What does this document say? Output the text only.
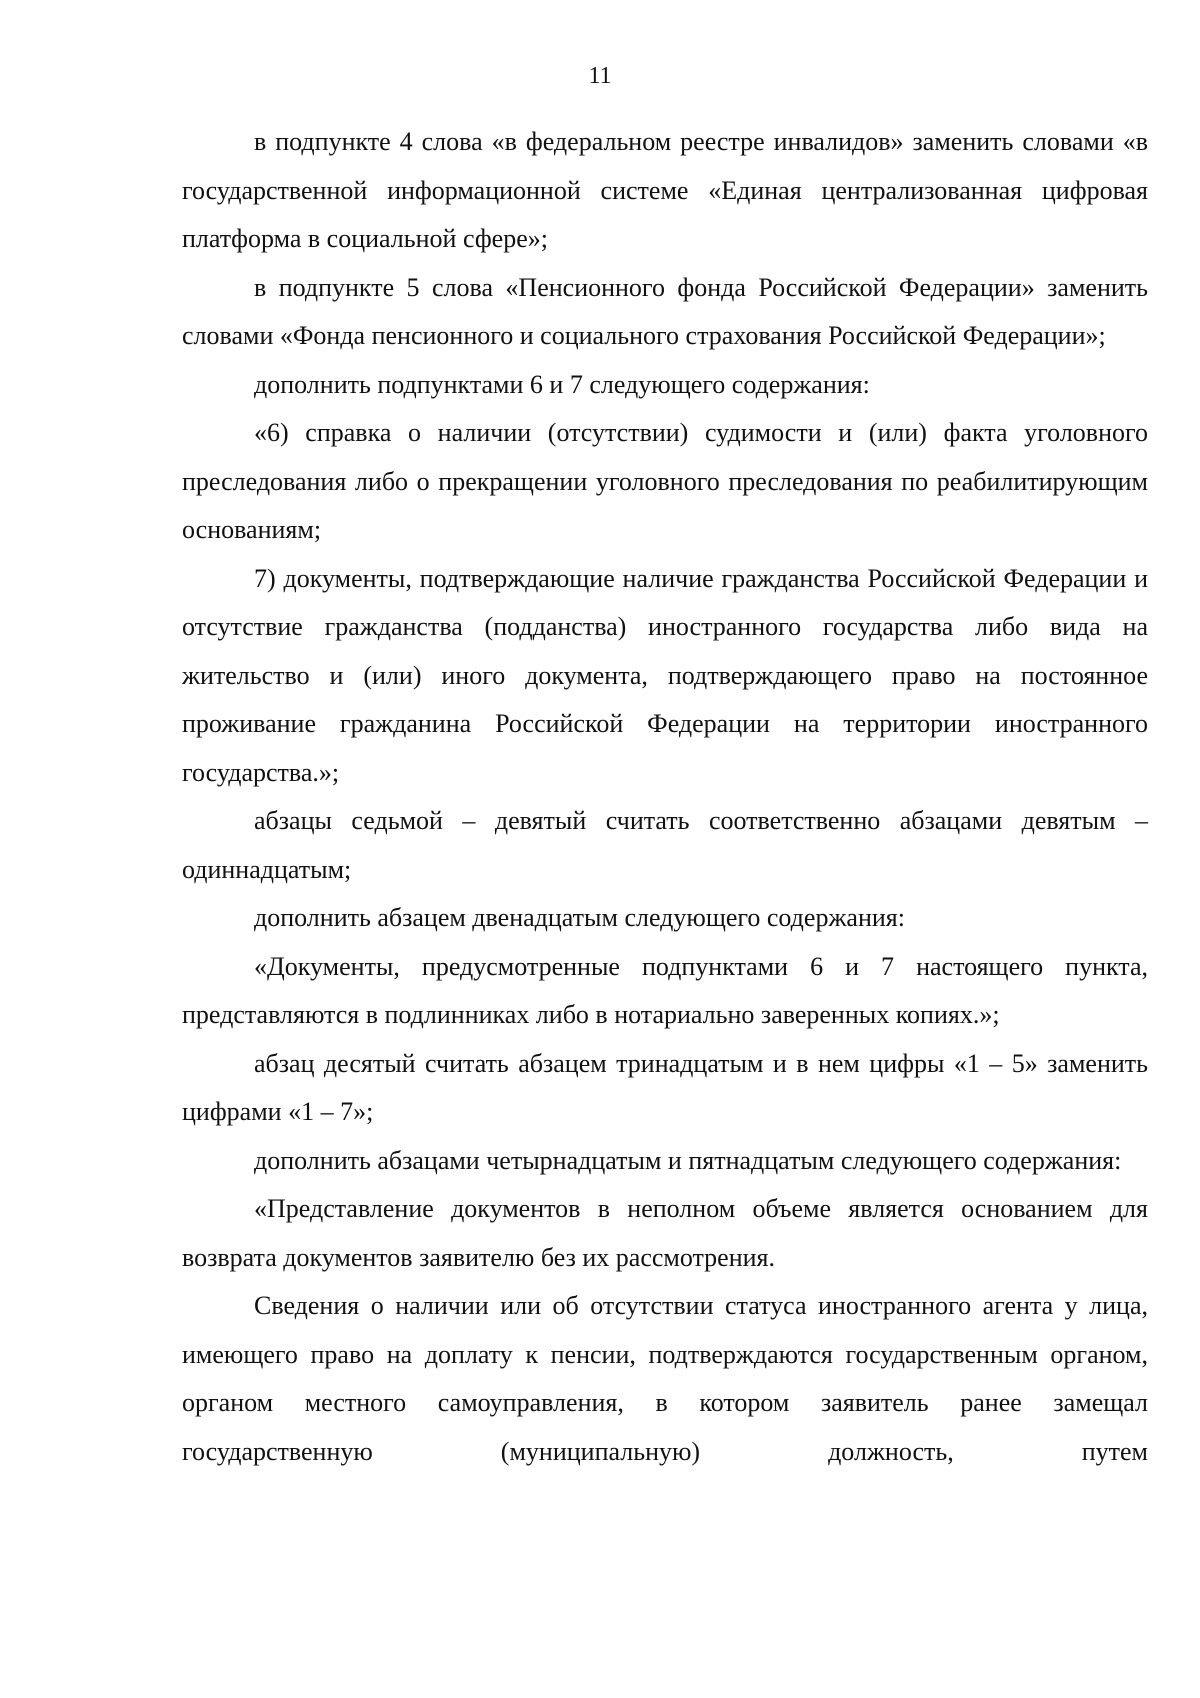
11

в подпункте 4 слова «в федеральном реестре инвалидов» заменить словами «в государственной информационной системе «Единая централизованная цифровая платформа в социальной сфере»;

в подпункте 5 слова «Пенсионного фонда Российской Федерации» заменить словами «Фонда пенсионного и социального страхования Российской Федерации»;

дополнить подпунктами 6 и 7 следующего содержания:

«6) справка о наличии (отсутствии) судимости и (или) факта уголовного преследования либо о прекращении уголовного преследования по реабилитирующим основаниям;

7) документы, подтверждающие наличие гражданства Российской Федерации и отсутствие гражданства (подданства) иностранного государства либо вида на жительство и (или) иного документа, подтверждающего право на постоянное проживание гражданина Российской Федерации на территории иностранного государства.»;

абзацы седьмой – девятый считать соответственно абзацами девятым – одиннадцатым;

дополнить абзацем двенадцатым следующего содержания:

«Документы, предусмотренные подпунктами 6 и 7 настоящего пункта, представляются в подлинниках либо в нотариально заверенных копиях.»;

абзац десятый считать абзацем тринадцатым и в нем цифры «1 – 5» заменить цифрами «1 – 7»;

дополнить абзацами четырнадцатым и пятнадцатым следующего содержания:

«Представление документов в неполном объеме является основанием для возврата документов заявителю без их рассмотрения.

Сведения о наличии или об отсутствии статуса иностранного агента у лица, имеющего право на доплату к пенсии, подтверждаются государственным органом, органом местного самоуправления, в котором заявитель ранее замещал государственную (муниципальную) должность, путем
